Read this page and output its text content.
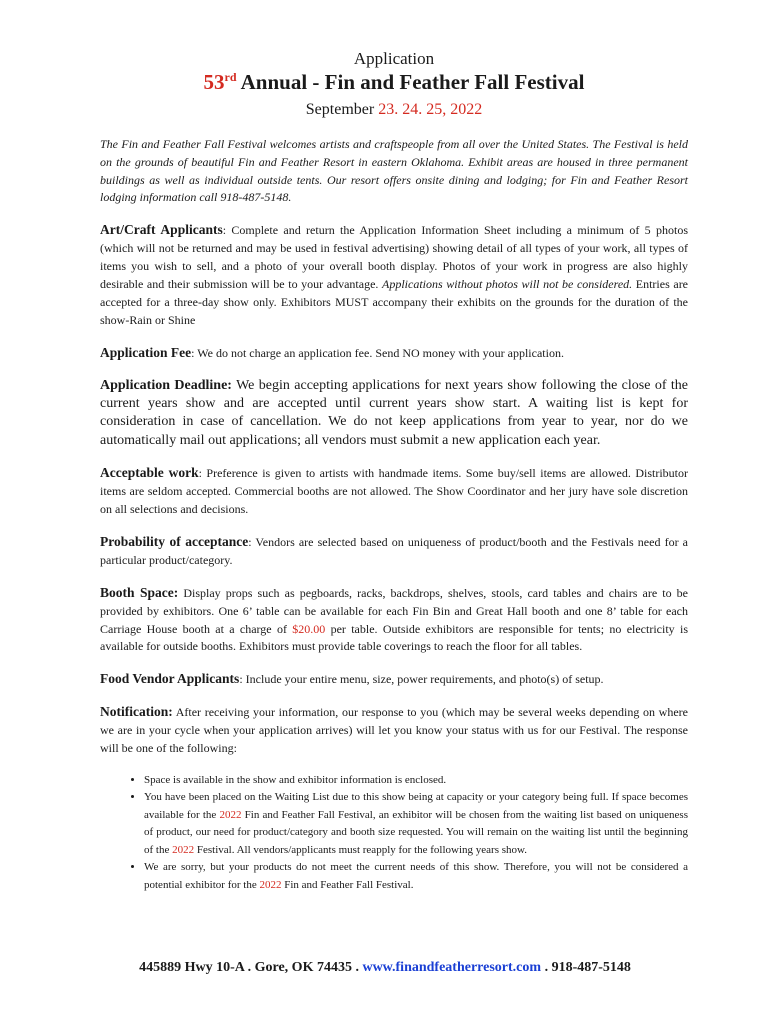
Application

53rd Annual - Fin and Feather Fall Festival

September 23. 24. 25, 2022

The Fin and Feather Fall Festival welcomes artists and craftspeople from all over the United States. The Festival is held on the grounds of beautiful Fin and Feather Resort in eastern Oklahoma. Exhibit areas are housed in three permanent buildings as well as individual outside tents. Our resort offers onsite dining and lodging; for Fin and Feather Resort lodging information call 918-487-5148.

Art/Craft Applicants: Complete and return the Application Information Sheet including a minimum of 5 photos (which will not be returned and may be used in festival advertising) showing detail of all types of your work, all types of items you wish to sell, and a photo of your overall booth display. Photos of your work in progress are also highly desirable and their submission will be to your advantage. Applications without photos will not be considered. Entries are accepted for a three-day show only. Exhibitors MUST accompany their exhibits on the grounds for the duration of the show-Rain or Shine

Application Fee: We do not charge an application fee. Send NO money with your application.

Application Deadline: We begin accepting applications for next years show following the close of the current years show and are accepted until current years show start. A waiting list is kept for consideration in case of cancellation. We do not keep applications from year to year, nor do we automatically mail out applications; all vendors must submit a new application each year.

Acceptable work: Preference is given to artists with handmade items. Some buy/sell items are allowed. Distributor items are seldom accepted. Commercial booths are not allowed. The Show Coordinator and her jury have sole discretion on all selections and decisions.

Probability of acceptance: Vendors are selected based on uniqueness of product/booth and the Festivals need for a particular product/category.

Booth Space: Display props such as pegboards, racks, backdrops, shelves, stools, card tables and chairs are to be provided by exhibitors. One 6’ table can be available for each Fin Bin and Great Hall booth and one 8’ table for each Carriage House booth at a charge of $20.00 per table. Outside exhibitors are responsible for tents; no electricity is available for outside booths. Exhibitors must provide table coverings to reach the floor for all tables.

Food Vendor Applicants: Include your entire menu, size, power requirements, and photo(s) of setup.

Notification: After receiving your information, our response to you (which may be several weeks depending on where we are in your cycle when your application arrives) will let you know your status with us for our Festival. The response will be one of the following:

• Space is available in the show and exhibitor information is enclosed.
• You have been placed on the Waiting List due to this show being at capacity or your category being full. If space becomes available for the 2022 Fin and Feather Fall Festival, an exhibitor will be chosen from the waiting list based on uniqueness of product, our need for product/category and booth size requested. You will remain on the waiting list until the beginning of the 2022 Festival. All vendors/applicants must reapply for the following years show.
• We are sorry, but your products do not meet the current needs of this show. Therefore, you will not be considered a potential exhibitor for the 2022 Fin and Feather Fall Festival.
445889 Hwy 10-A . Gore, OK 74435 . www.finandfeatherresort.com . 918-487-5148
